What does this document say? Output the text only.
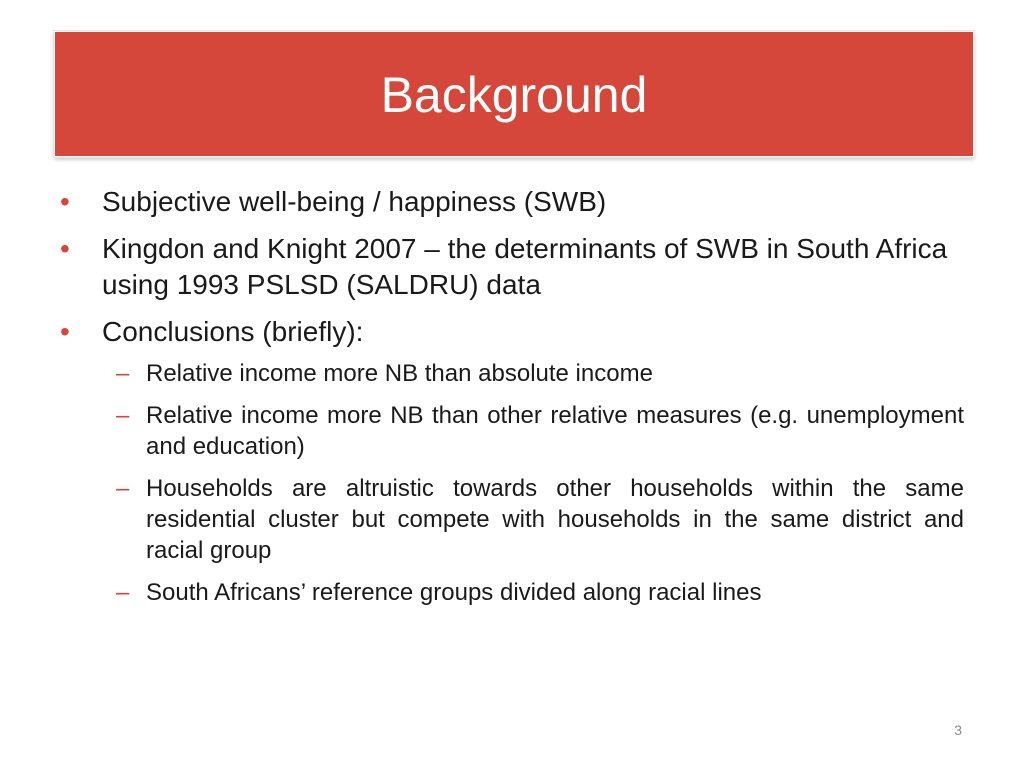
Background
• Subjective well-being / happiness (SWB)
• Kingdon and Knight 2007 – the determinants of SWB in South Africa using 1993 PSLSD (SALDRU) data
• Conclusions (briefly):
– Relative income more NB than absolute income
– Relative income more NB than other relative measures (e.g. unemployment and education)
– Households are altruistic towards other households within the same residential cluster but compete with households in the same district and racial group
– South Africans’ reference groups divided along racial lines
3
